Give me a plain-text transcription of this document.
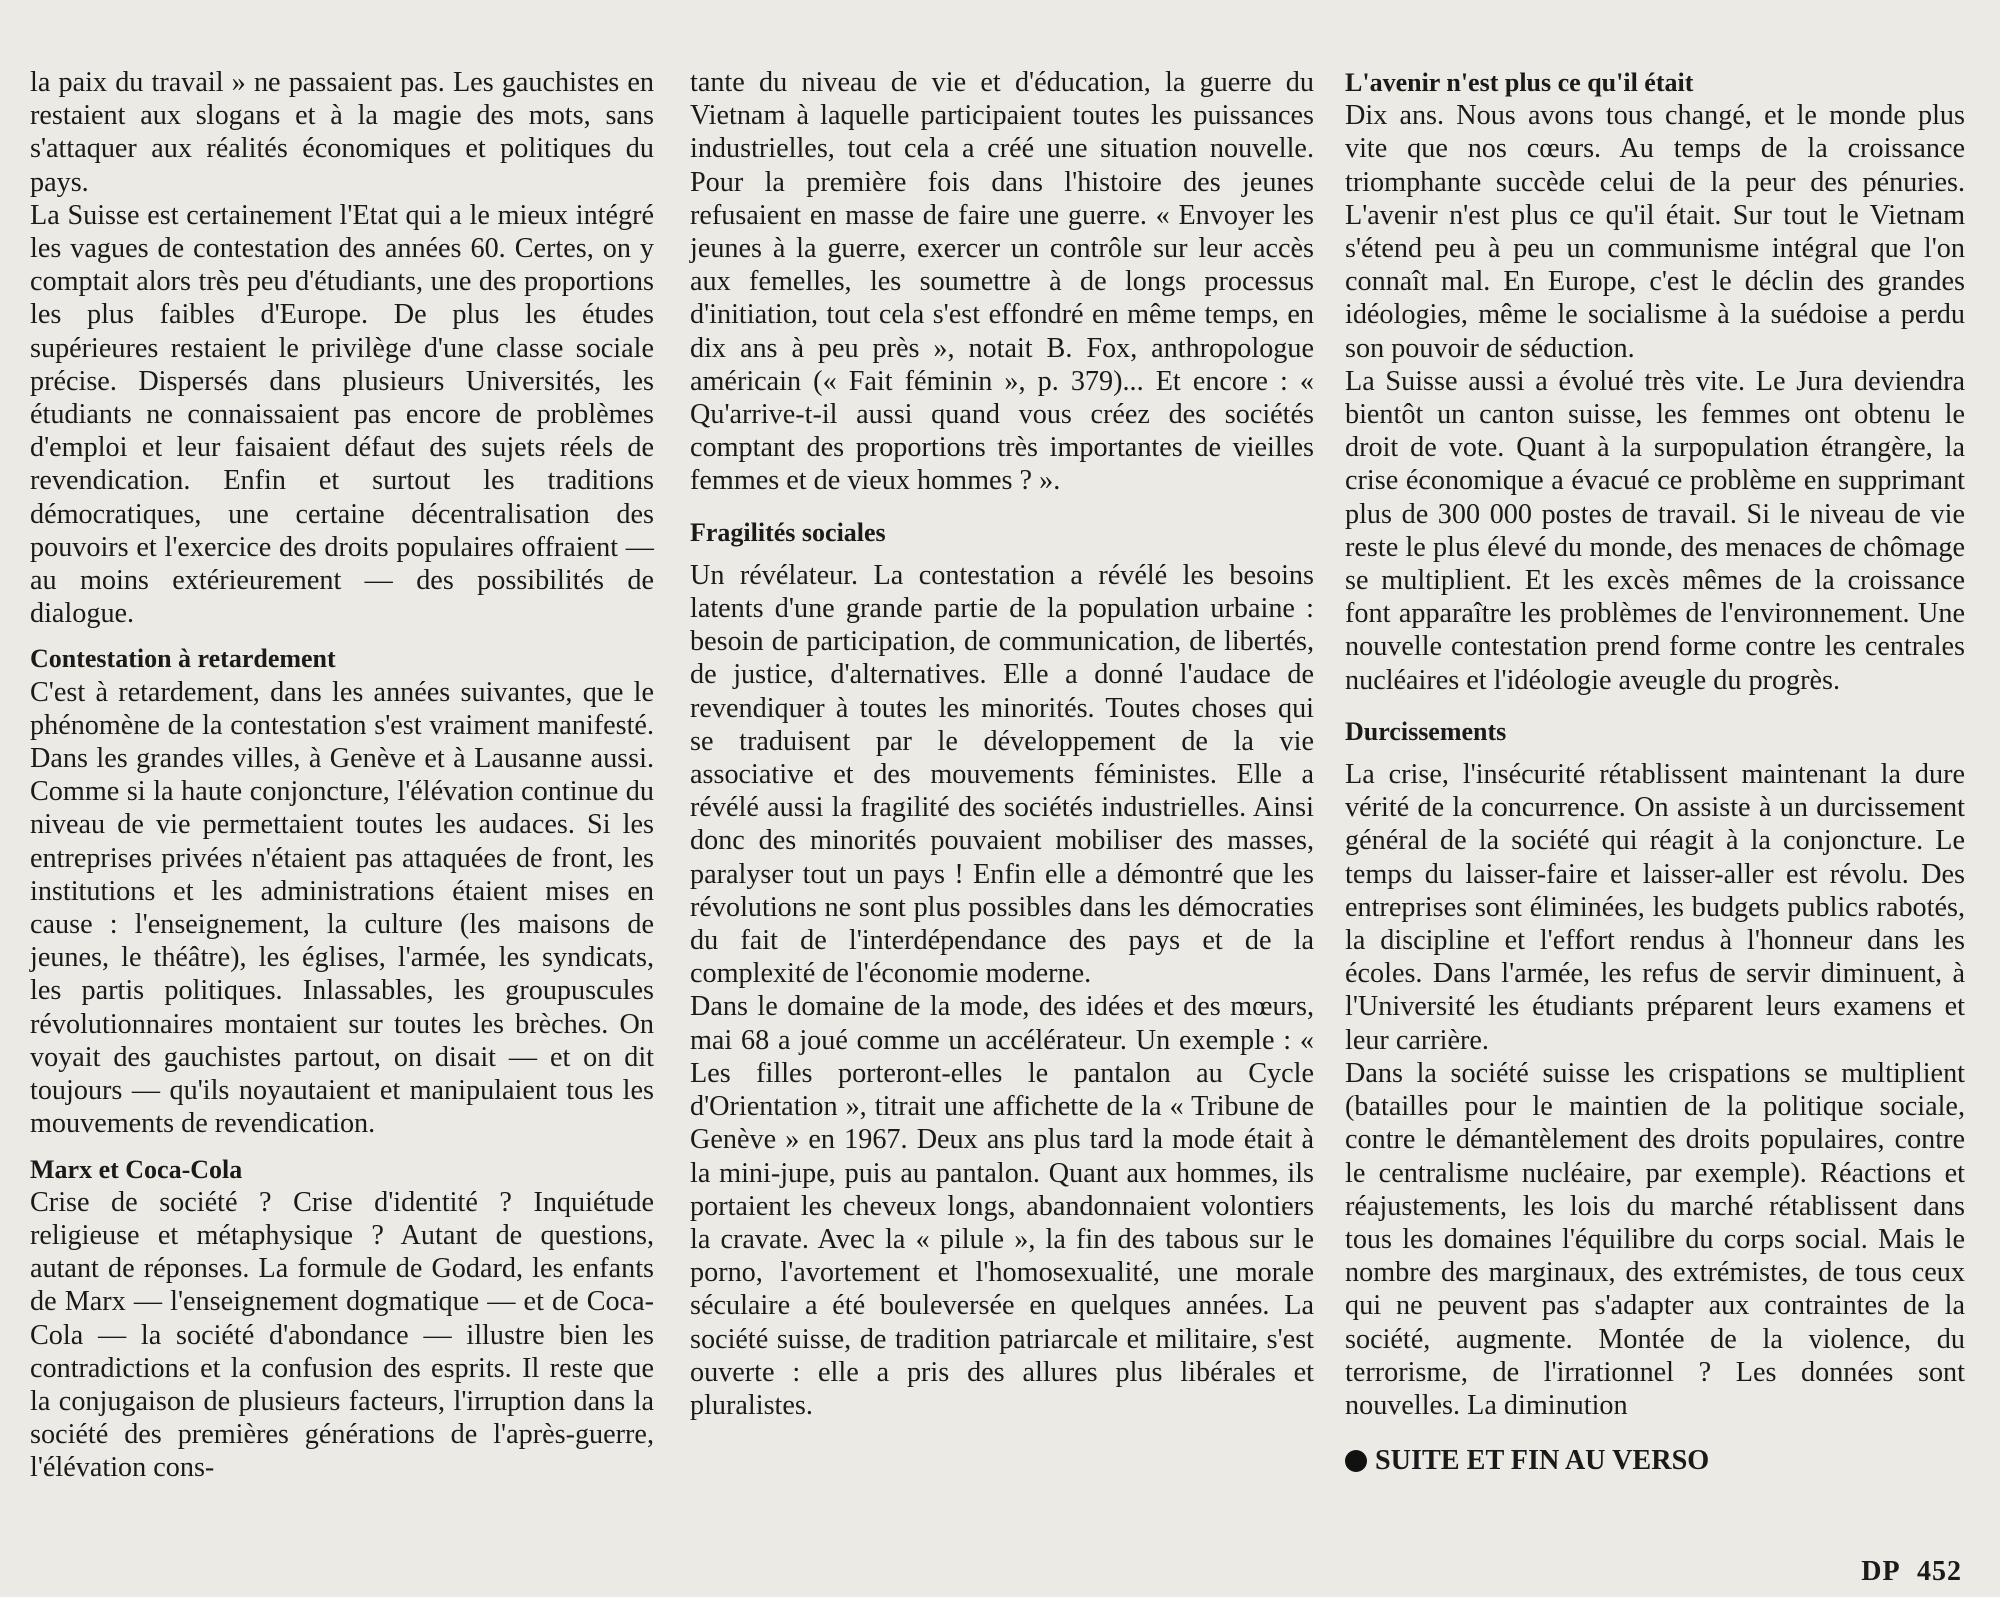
la paix du travail » ne passaient pas. Les gauchistes en restaient aux slogans et à la magie des mots, sans s'attaquer aux réalités économiques et politiques du pays.

La Suisse est certainement l'Etat qui a le mieux intégré les vagues de contestation des années 60. Certes, on y comptait alors très peu d'étudiants, une des proportions les plus faibles d'Europe. De plus les études supérieures restaient le privilège d'une classe sociale précise. Dispersés dans plusieurs Universités, les étudiants ne connaissaient pas encore de problèmes d'emploi et leur faisaient défaut des sujets réels de revendication. Enfin et surtout les traditions démocratiques, une certaine décentralisation des pouvoirs et l'exercice des droits populaires offraient — au moins extérieurement — des possibilités de dialogue.

Contestation à retardement

C'est à retardement, dans les années suivantes, que le phénomène de la contestation s'est vraiment manifesté. Dans les grandes villes, à Genève et à Lausanne aussi. Comme si la haute conjoncture, l'élévation continue du niveau de vie permettaient toutes les audaces. Si les entreprises privées n'étaient pas attaquées de front, les institutions et les administrations étaient mises en cause : l'enseignement, la culture (les maisons de jeunes, le théâtre), les églises, l'armée, les syndicats, les partis politiques. Inlassables, les groupuscules révolutionnaires montaient sur toutes les brèches. On voyait des gauchistes partout, on disait — et on dit toujours — qu'ils noyautaient et manipulaient tous les mouvements de revendication.

Marx et Coca-Cola

Crise de société ? Crise d'identité ? Inquiétude religieuse et métaphysique ? Autant de questions, autant de réponses. La formule de Godard, les enfants de Marx — l'enseignement dogmatique — et de Coca-Cola — la société d'abondance — illustre bien les contradictions et la confusion des esprits. Il reste que la conjugaison de plusieurs facteurs, l'irruption dans la société des premières générations de l'après-guerre, l'élévation cons-

tante du niveau de vie et d'éducation, la guerre du Vietnam à laquelle participaient toutes les puissances industrielles, tout cela a créé une situation nouvelle. Pour la première fois dans l'histoire des jeunes refusaient en masse de faire une guerre. « Envoyer les jeunes à la guerre, exercer un contrôle sur leur accès aux femelles, les soumettre à de longs processus d'initiation, tout cela s'est effondré en même temps, en dix ans à peu près », notait B. Fox, anthropologue américain (« Fait féminin », p. 379)... Et encore : « Qu'arrive-t-il aussi quand vous créez des sociétés comptant des proportions très importantes de vieilles femmes et de vieux hommes ? ».

Fragilités sociales

Un révélateur. La contestation a révélé les besoins latents d'une grande partie de la population urbaine : besoin de participation, de communication, de libertés, de justice, d'alternatives. Elle a donné l'audace de revendiquer à toutes les minorités. Toutes choses qui se traduisent par le développement de la vie associative et des mouvements féministes. Elle a révélé aussi la fragilité des sociétés industrielles. Ainsi donc des minorités pouvaient mobiliser des masses, paralyser tout un pays ! Enfin elle a démontré que les révolutions ne sont plus possibles dans les démocraties du fait de l'interdépendance des pays et de la complexité de l'économie moderne.

Dans le domaine de la mode, des idées et des mœurs, mai 68 a joué comme un accélérateur. Un exemple : « Les filles porteront-elles le pantalon au Cycle d'Orientation », titrait une affichette de la « Tribune de Genève » en 1967. Deux ans plus tard la mode était à la mini-jupe, puis au pantalon. Quant aux hommes, ils portaient les cheveux longs, abandonnaient volontiers la cravate. Avec la « pilule », la fin des tabous sur le porno, l'avortement et l'homosexualité, une morale séculaire a été bouleversée en quelques années. La société suisse, de tradition patriarcale et militaire, s'est ouverte : elle a pris des allures plus libérales et pluralistes.

L'avenir n'est plus ce qu'il était

Dix ans. Nous avons tous changé, et le monde plus vite que nos cœurs. Au temps de la croissance triomphante succède celui de la peur des pénuries. L'avenir n'est plus ce qu'il était. Sur tout le Vietnam s'étend peu à peu un communisme intégral que l'on connaît mal. En Europe, c'est le déclin des grandes idéologies, même le socialisme à la suédoise a perdu son pouvoir de séduction.

La Suisse aussi a évolué très vite. Le Jura deviendra bientôt un canton suisse, les femmes ont obtenu le droit de vote. Quant à la surpopulation étrangère, la crise économique a évacué ce problème en supprimant plus de 300 000 postes de travail. Si le niveau de vie reste le plus élevé du monde, des menaces de chômage se multiplient. Et les excès mêmes de la croissance font apparaître les problèmes de l'environnement. Une nouvelle contestation prend forme contre les centrales nucléaires et l'idéologie aveugle du progrès.

Durcissements

La crise, l'insécurité rétablissent maintenant la dure vérité de la concurrence. On assiste à un durcissement général de la société qui réagit à la conjoncture. Le temps du laisser-faire et laisser-aller est révolu. Des entreprises sont éliminées, les budgets publics rabotés, la discipline et l'effort rendus à l'honneur dans les écoles. Dans l'armée, les refus de servir diminuent, à l'Université les étudiants préparent leurs examens et leur carrière.

Dans la société suisse les crispations se multiplient (batailles pour le maintien de la politique sociale, contre le démantèlement des droits populaires, contre le centralisme nucléaire, par exemple). Réactions et réajustements, les lois du marché rétablissent dans tous les domaines l'équilibre du corps social. Mais le nombre des marginaux, des extrémistes, de tous ceux qui ne peuvent pas s'adapter aux contraintes de la société, augmente. Montée de la violence, du terrorisme, de l'irrationnel ? Les données sont nouvelles. La diminution

SUITE ET FIN AU VERSO

DP 452
